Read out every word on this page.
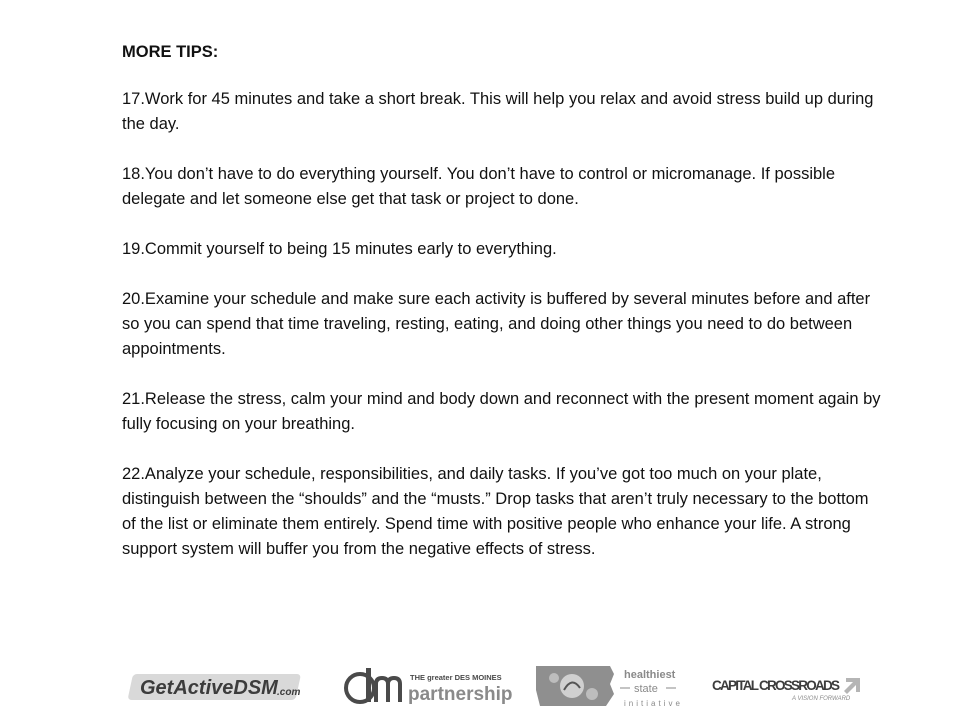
MORE TIPS:

17.Work for 45 minutes and take a short break. This will help you relax and avoid stress build up during the day.

18.You don’t have to do everything yourself. You don’t have to control or micromanage. If possible delegate and let someone else get that task or project to done.

19.Commit yourself to being 15 minutes early to everything.

20.Examine your schedule and make sure each activity is buffered by several minutes before and after so you can spend that time traveling, resting, eating, and doing other things you need to do between appointments.

21.Release the stress, calm your mind and body down and reconnect with the present moment again by fully focusing on your breathing.

22.Analyze your schedule, responsibilities, and daily tasks. If you’ve got too much on your plate, distinguish between the “shoulds” and the “musts.” Drop tasks that aren’t truly necessary to the bottom of the list or eliminate them entirely. Spend time with positive people who enhance your life. A strong support system will buffer you from the negative effects of stress.

GetActiveDSM .com
THE greater DES MOINES
partnership
healthiest
state
initiative
CAPITAL CROSSROADS
A VISION FORWARD
